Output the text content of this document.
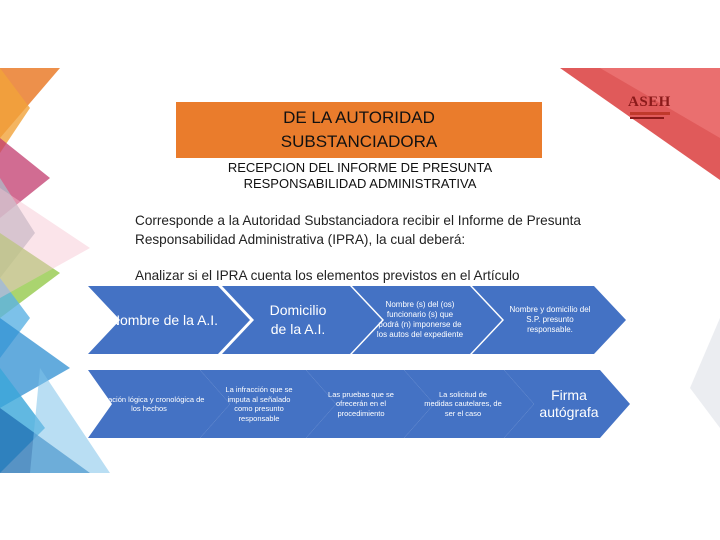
ASEH
DE LA AUTORIDAD
SUBSTANCIADORA
RECEPCION DEL INFORME DE PRESUNTA
RESPONSABILIDAD ADMINISTRATIVA
Corresponde a la Autoridad Substanciadora recibir el Informe de Presunta Responsabilidad Administrativa (IPRA), la cual deberá:
Analizar si el IPRA cuenta los elementos previstos en el Artículo
Nombre de la A.I.
Domicilio de la A.I.
Nombre (s) del (os) funcionario (s) que podrá (n) imponerse de los autos del expediente
Nombre y domicilio del S.P. presunto responsable.
Narración lógica y cronológica de los hechos
La infracción que se imputa al señalado como presunto responsable
Las pruebas que se ofrecerán en el procedimiento
La solicitud de medidas cautelares, de ser el caso
Firma autógrafa
